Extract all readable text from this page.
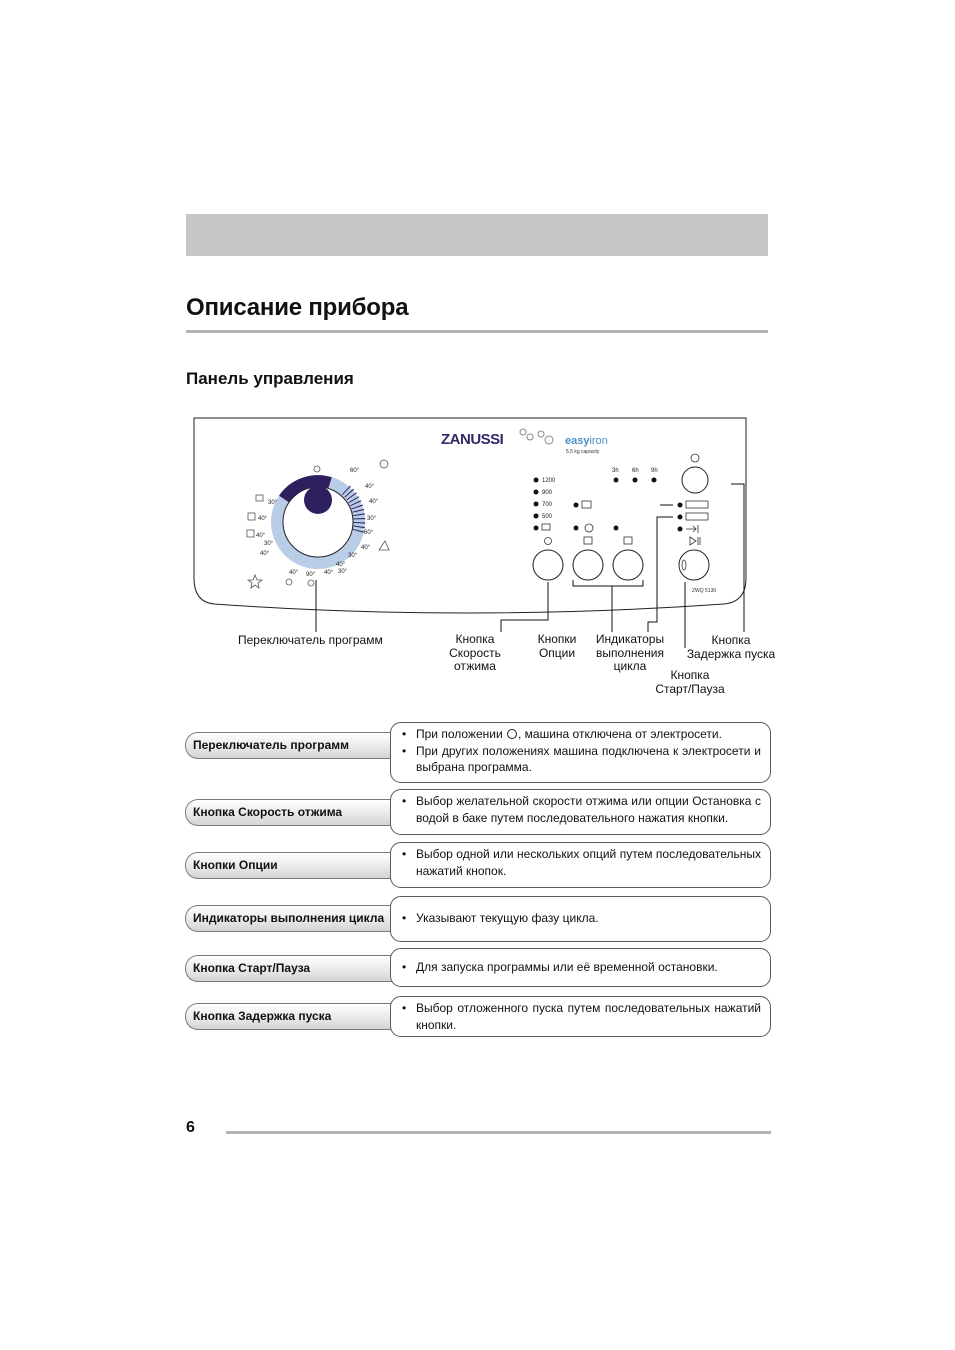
Описание прибора
Панель управления
30°
40°
40°
30°
40°
60°
40°
40°
30°
60°
40°
40°
30°
40° 30°
90°
40°
ZANUSSI	easyiron
5,5 kg capacity
3h 6h 9h
1200
900
700
500
ZWQ 5130
Переключатель программ	Кнопка
Скорость
отжима
Кнопки
Опции
Индикаторы
выполнения
цикла
Кнопка
Задержка пуска
Кнопка
Старт/Пауза
Переключатель программ
• При положении , машина отключена от электросети.
• При других положениях машина подключена к электросети и выбрана программа.
Кнопка Скорость отжима
• Выбор желательной скорости отжима или опции Остановка с водой в баке путем последовательного нажатия кнопки.
Кнопки Опции
• Выбор одной или нескольких опций путем последовательных нажатий кнопок.
Индикаторы выполнения цикла	• Указывают текущую фазу цикла.
Кнопка Старт/Пауза	• Для запуска программы или её временной остановки.
Кнопка Задержка пуска
• Выбор отложенного пуска путем последовательных нажатий кнопки.
6
